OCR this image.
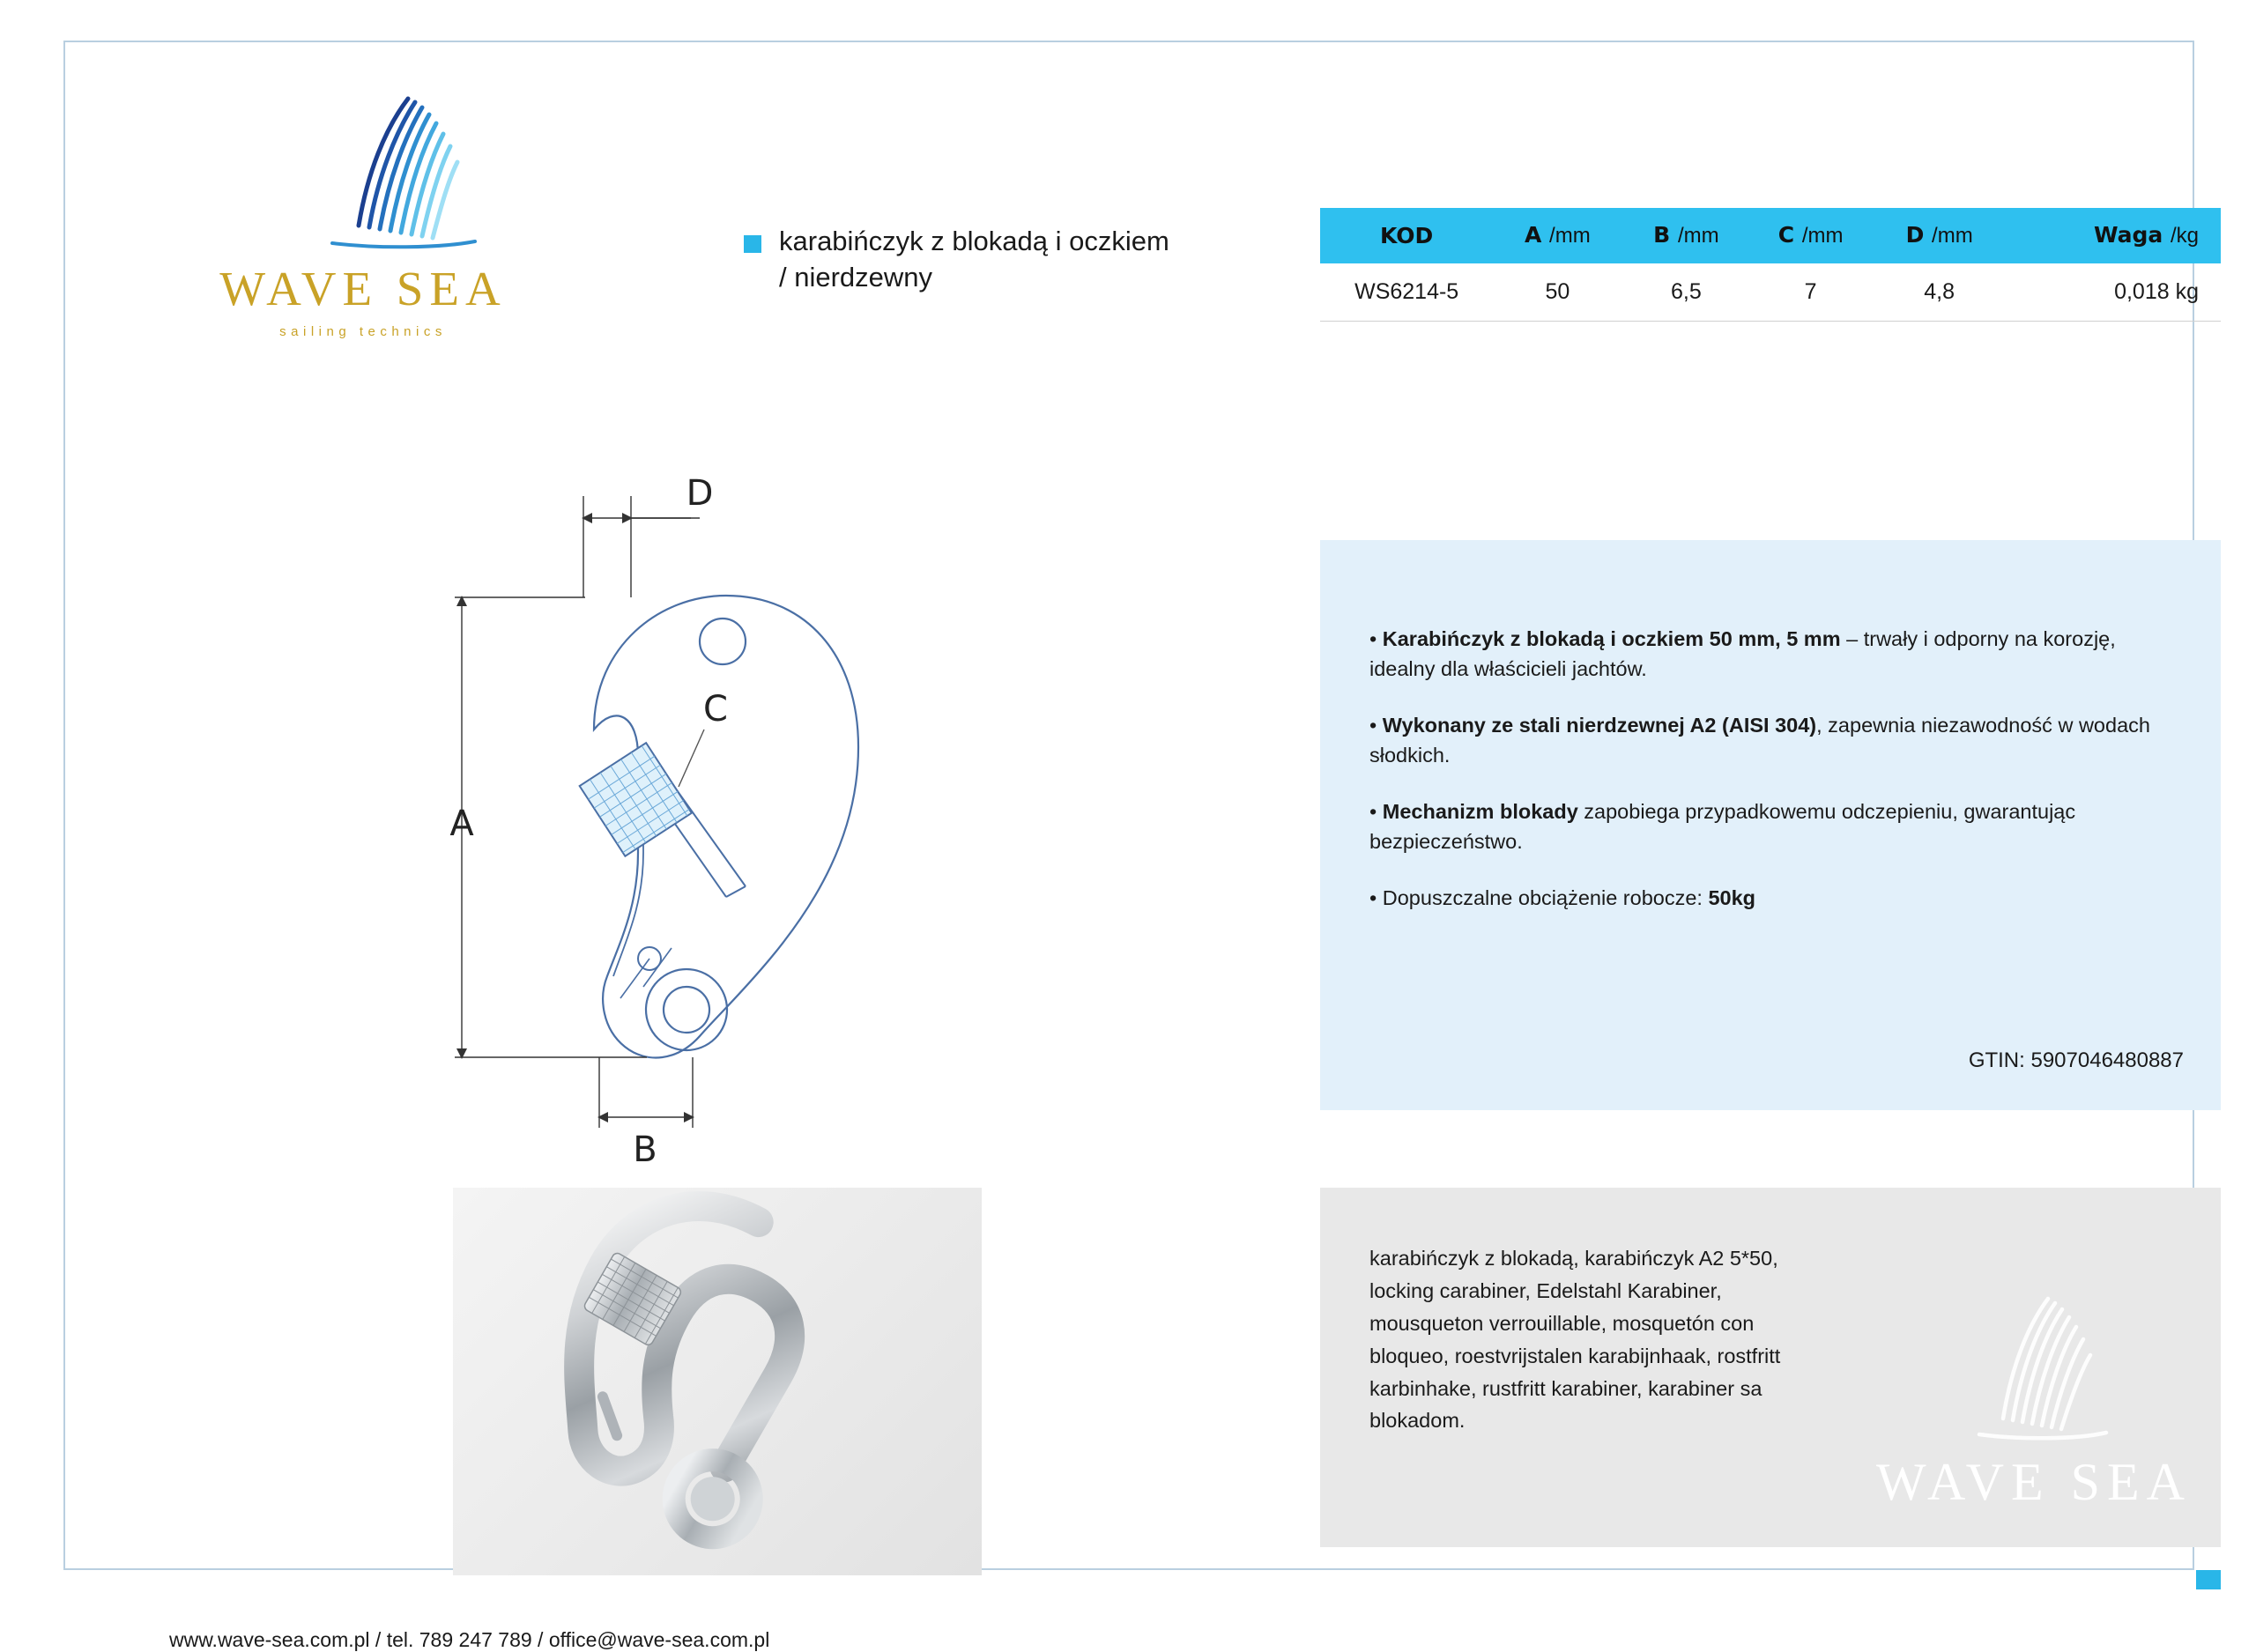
WAVE SEA
sailing technics
karabińczyk z blokadą i oczkiem
/ nierdzewny
KOD	A /mm	B /mm	C /mm	D /mm	Waga /kg
WS6214-5	50	6,5	7	4,8	0,018 kg
A
B
C
D

• Karabińczyk z blokadą i oczkiem 50 mm, 5 mm – trwały i odporny na korozję, idealny dla właścicieli jachtów.

• Wykonany ze stali nierdzewnej A2 (AISI 304), zapewnia niezawodność w wodach słodkich.

• Mechanizm blokady zapobiega przypadkowemu odczepieniu, gwarantując bezpieczeństwo.

• Dopuszczalne obciążenie robocze: 50kg

GTIN: 5907046480887
karabińczyk z blokadą, karabińczyk A2 5*50, locking carabiner, Edelstahl Karabiner, mousqueton verrouillable, mosquetón con bloqueo, roestvrijstalen karabijnhaak, rostfritt karbinhake, rustfritt karabiner, karabiner sa blokadom.
WAVE SEA
www.wave-sea.com.pl / tel. 789 247 789 / office@wave-sea.com.pl
